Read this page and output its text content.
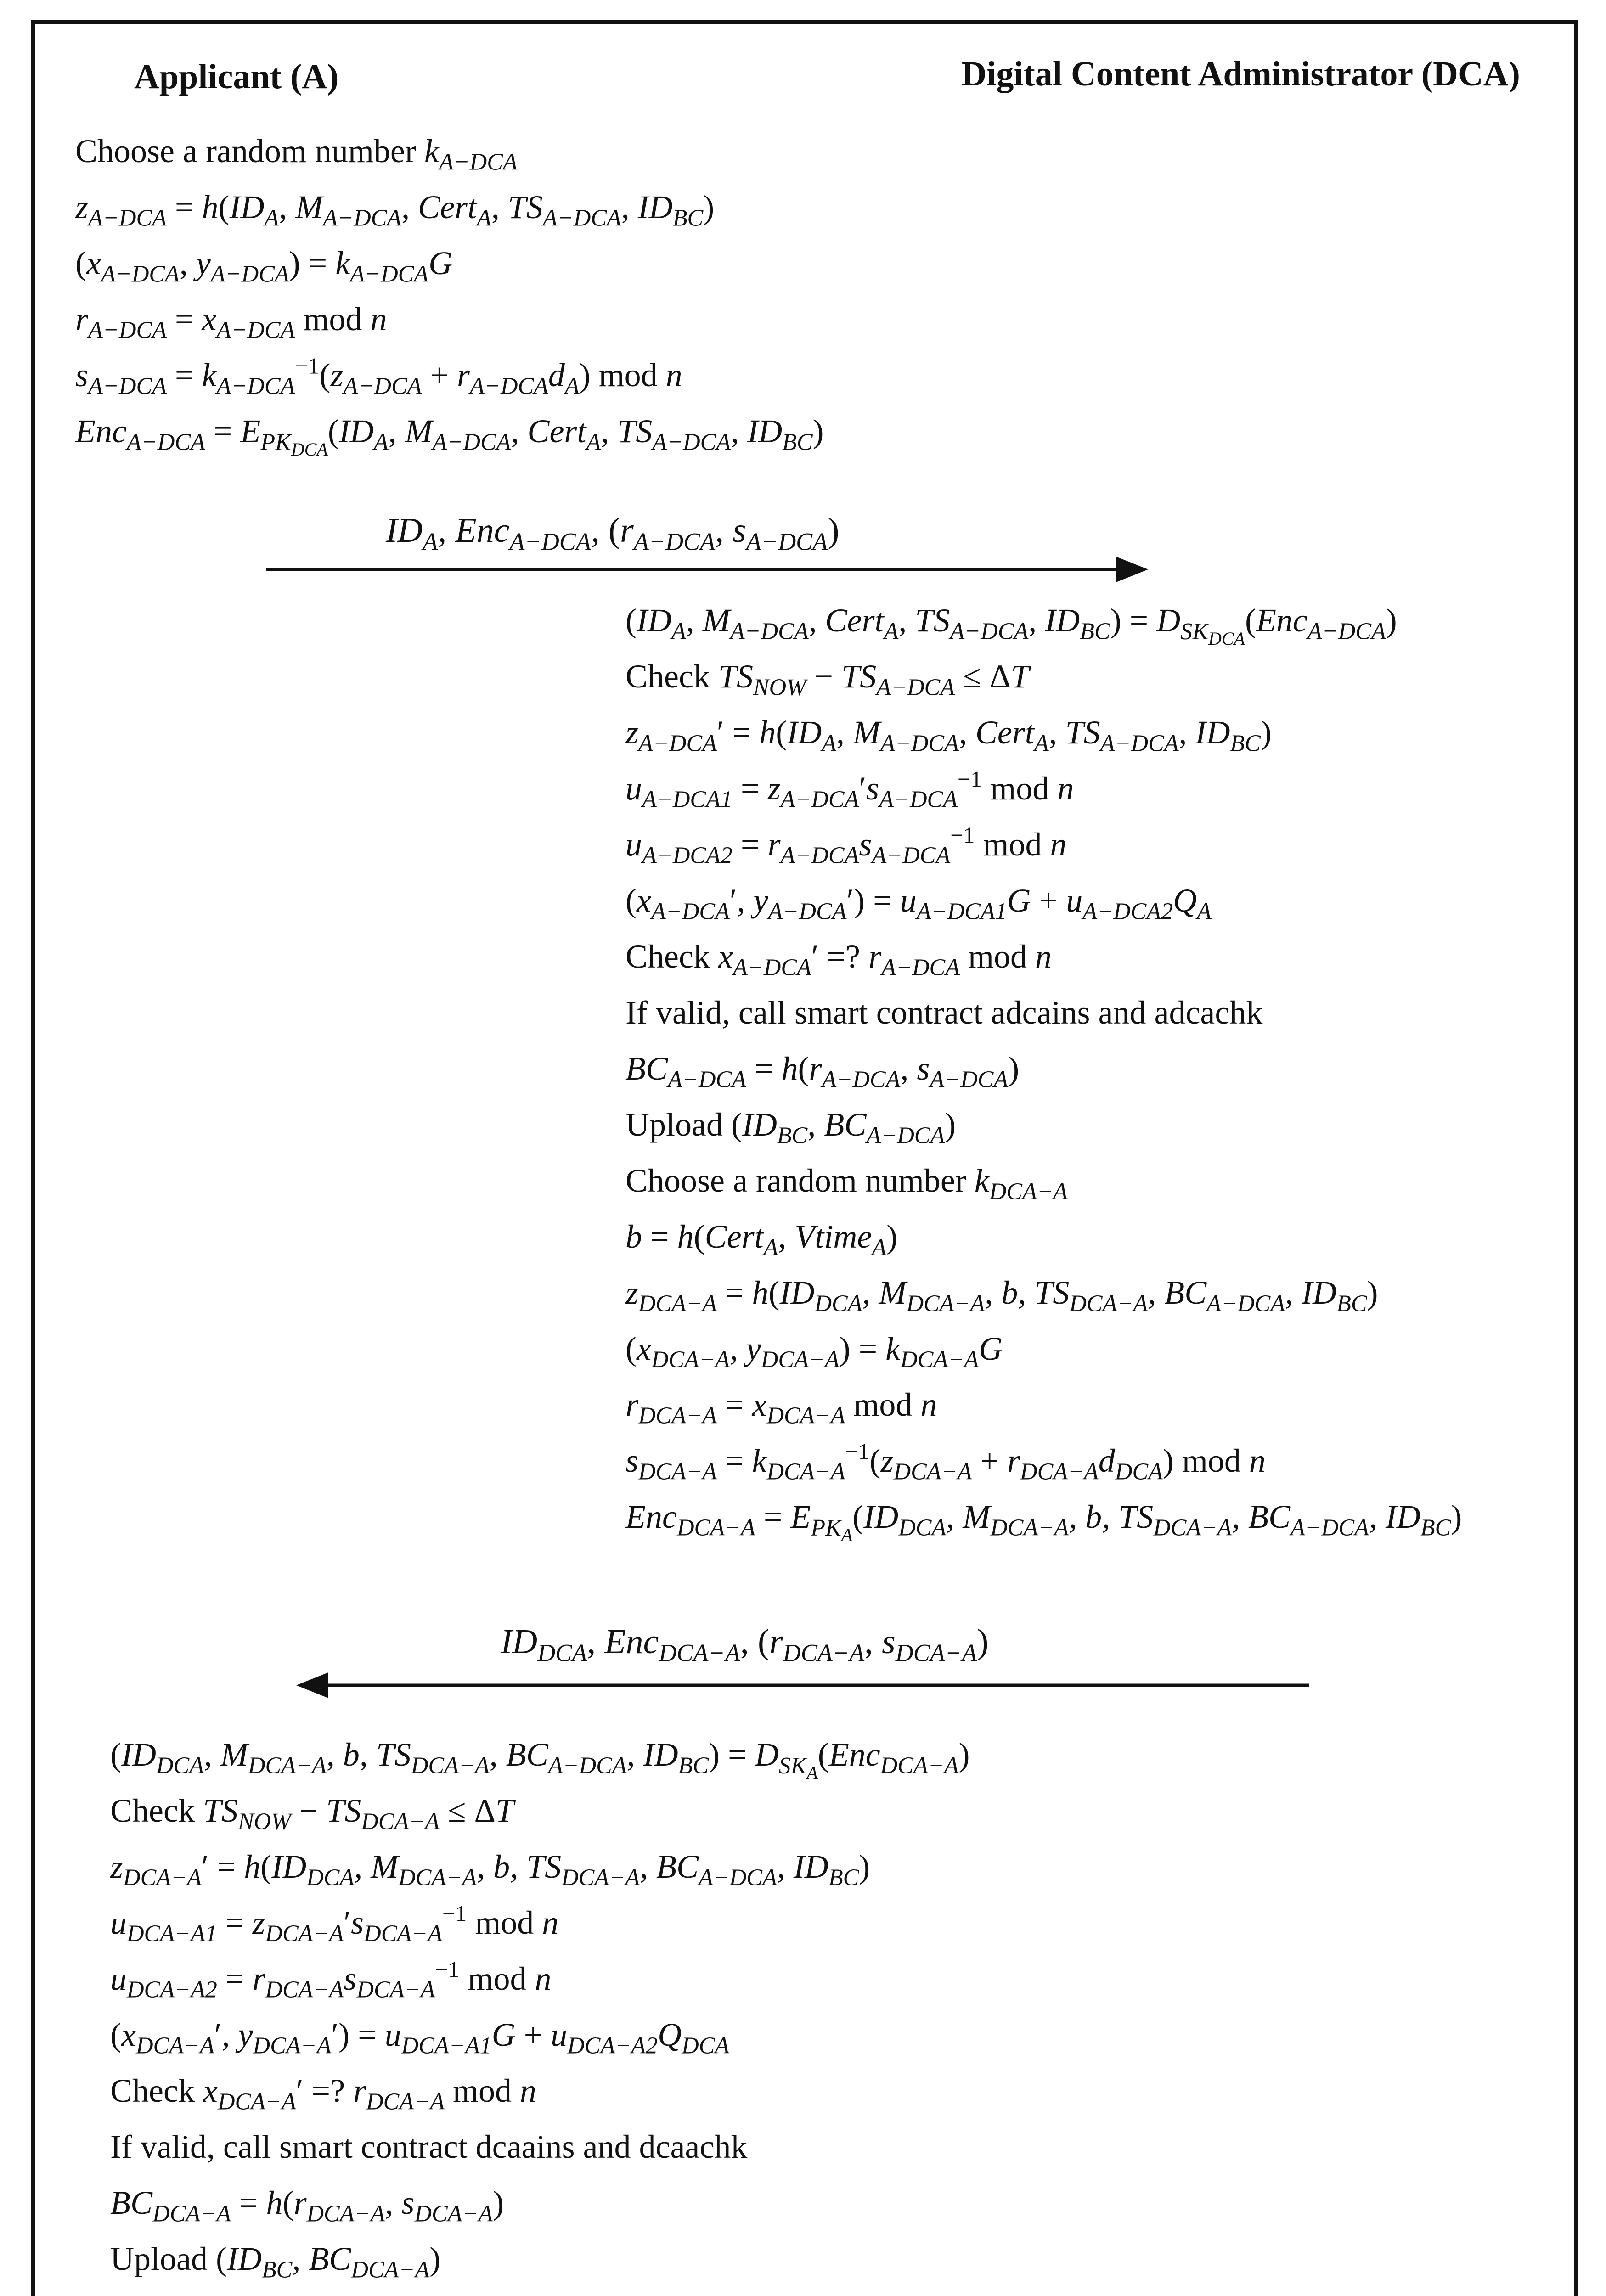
Applicant (A)	Digital Content Administrator (DCA)
Choose a random number $k_{A-DCA}$
$z_{A-DCA} = h(ID_A$, $M_{A-DCA}$, Cert$_A$, $TS_{A-DCA}$, $ID_{BC}$)
($x_{A-DCA}$, $y_{A-DCA}) = k_{A-DCA}G$
$r_{A-DCA} = x_{A-DCA}$ mod n
$s_{A-DCA} = k_{A-DCA}^{-1}(z_{A-DCA} + r_{A-DCA}d_A)$ mod n
$Enc_{A-DCA} = E_{PK_{DCA}}(ID_A$, $M_{A-DCA}$, Cert$_A$, $TS_{A-DCA}$, $ID_{BC}$)
$ID_A$, Enc$_{A-DCA}$, ($r_{A-DCA}$, $s_{A-DCA}$)
($ID_A$, $M_{A-DCA}$, Cert$_A$, $TS_{A-DCA}$, $ID_{BC}) = D_{SK_{DCA}}(Enc_{A-DCA})$
Check $TS_{NOW} - TS_{A-DCA} \le \Delta T$
$z_{A-DCA}' = h(ID_A$, $M_{A-DCA}$, Cert$_A$, $TS_{A-DCA}$, $ID_{BC}$)
$u_{A-DCA1} = z_{A-DCA}'s_{A-DCA}^{-1}$ mod n
$u_{A-DCA2} = r_{A-DCA}s_{A-DCA}^{-1}$ mod n
($x_{A-DCA}'$, $y_{A-DCA}') = u_{A-DCA1}G + u_{A-DCA2}Q_A$
Check $x_{A-DCA}'$ =? $r_{A-DCA}$ mod n
If valid, call smart contract adcains and adcachk
$BC_{A-DCA} = h(r_{A-DCA}$, $s_{A-DCA}$)
Upload ($ID_{BC}$, $BC_{A-DCA}$)
Choose a random number $k_{DCA-A}$
b = h(Cert$_A$, Vtime$_A$)
$z_{DCA-A} = h(ID_{DCA}$, $M_{DCA-A}$, b, $TS_{DCA-A}$, $BC_{A-DCA}$, $ID_{BC}$)
($x_{DCA-A}$, $y_{DCA-A}) = k_{DCA-A}G$
$r_{DCA-A} = x_{DCA-A}$ mod n
$s_{DCA-A} = k_{DCA-A}^{-1}(z_{DCA-A} + r_{DCA-A}d_{DCA})$ mod n
$Enc_{DCA-A} = E_{PK_A}(ID_{DCA}$, $M_{DCA-A}$, b, $TS_{DCA-A}$, $BC_{A-DCA}$, $ID_{BC}$)
$ID_{DCA}$, Enc$_{DCA-A}$, ($r_{DCA-A}$, $s_{DCA-A}$)
($ID_{DCA}$, $M_{DCA-A}$, b, $TS_{DCA-A}$, $BC_{A-DCA}$, $ID_{BC}) = D_{SK_A}(Enc_{DCA-A})$
Check $TS_{NOW} - TS_{DCA-A} \le \Delta T$
$z_{DCA-A}' = h(ID_{DCA}$, $M_{DCA-A}$, b, $TS_{DCA-A}$, $BC_{A-DCA}$, $ID_{BC}$)
$u_{DCA-A1} = z_{DCA-A}'s_{DCA-A}^{-1}$ mod n
$u_{DCA-A2} = r_{DCA-A}s_{DCA-A}^{-1}$ mod n
($x_{DCA-A}'$, $y_{DCA-A}') = u_{DCA-A1}G + u_{DCA-A2}Q_{DCA}$
Check $x_{DCA-A}'$ =? $r_{DCA-A}$ mod n
If valid, call smart contract dcaains and dcaachk
$BC_{DCA-A} = h(r_{DCA-A}$, $s_{DCA-A}$)
Upload ($ID_{BC}$, $BC_{DCA-A}$)
